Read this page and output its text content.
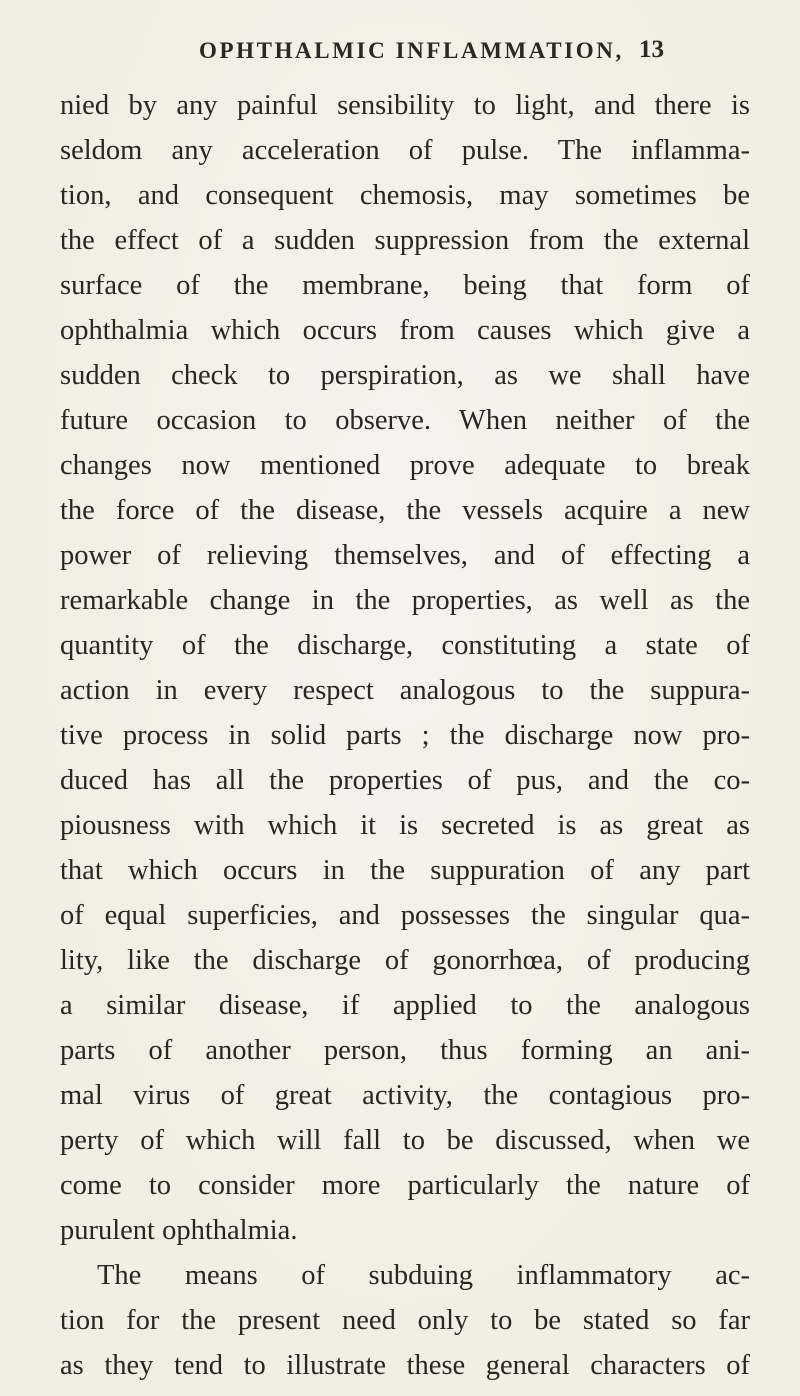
OPHTHALMIC INFLAMMATION, 13
nied by any painful sensibility to light, and there is
seldom any acceleration of pulse. The inflamma-
tion, and consequent chemosis, may sometimes be
the effect of a sudden suppression from the external
surface of the membrane, being that form of
ophthalmia which occurs from causes which give a
sudden check to perspiration, as we shall have
future occasion to observe. When neither of the
changes now mentioned prove adequate to break
the force of the disease, the vessels acquire a new
power of relieving themselves, and of effecting a
remarkable change in the properties, as well as the
quantity of the discharge, constituting a state of
action in every respect analogous to the suppura-
tive process in solid parts ; the discharge now pro-
duced has all the properties of pus, and the co-
piousness with which it is secreted is as great as
that which occurs in the suppuration of any part
of equal superficies, and possesses the singular qua-
lity, like the discharge of gonorrhœa, of producing
a similar disease, if applied to the analogous
parts of another person, thus forming an ani-
mal virus of great activity, the contagious pro-
perty of which will fall to be discussed, when we
come to consider more particularly the nature of
purulent ophthalmia.
The means of subduing inflammatory ac-
tion for the present need only to be stated so far
as they tend to illustrate these general characters of
